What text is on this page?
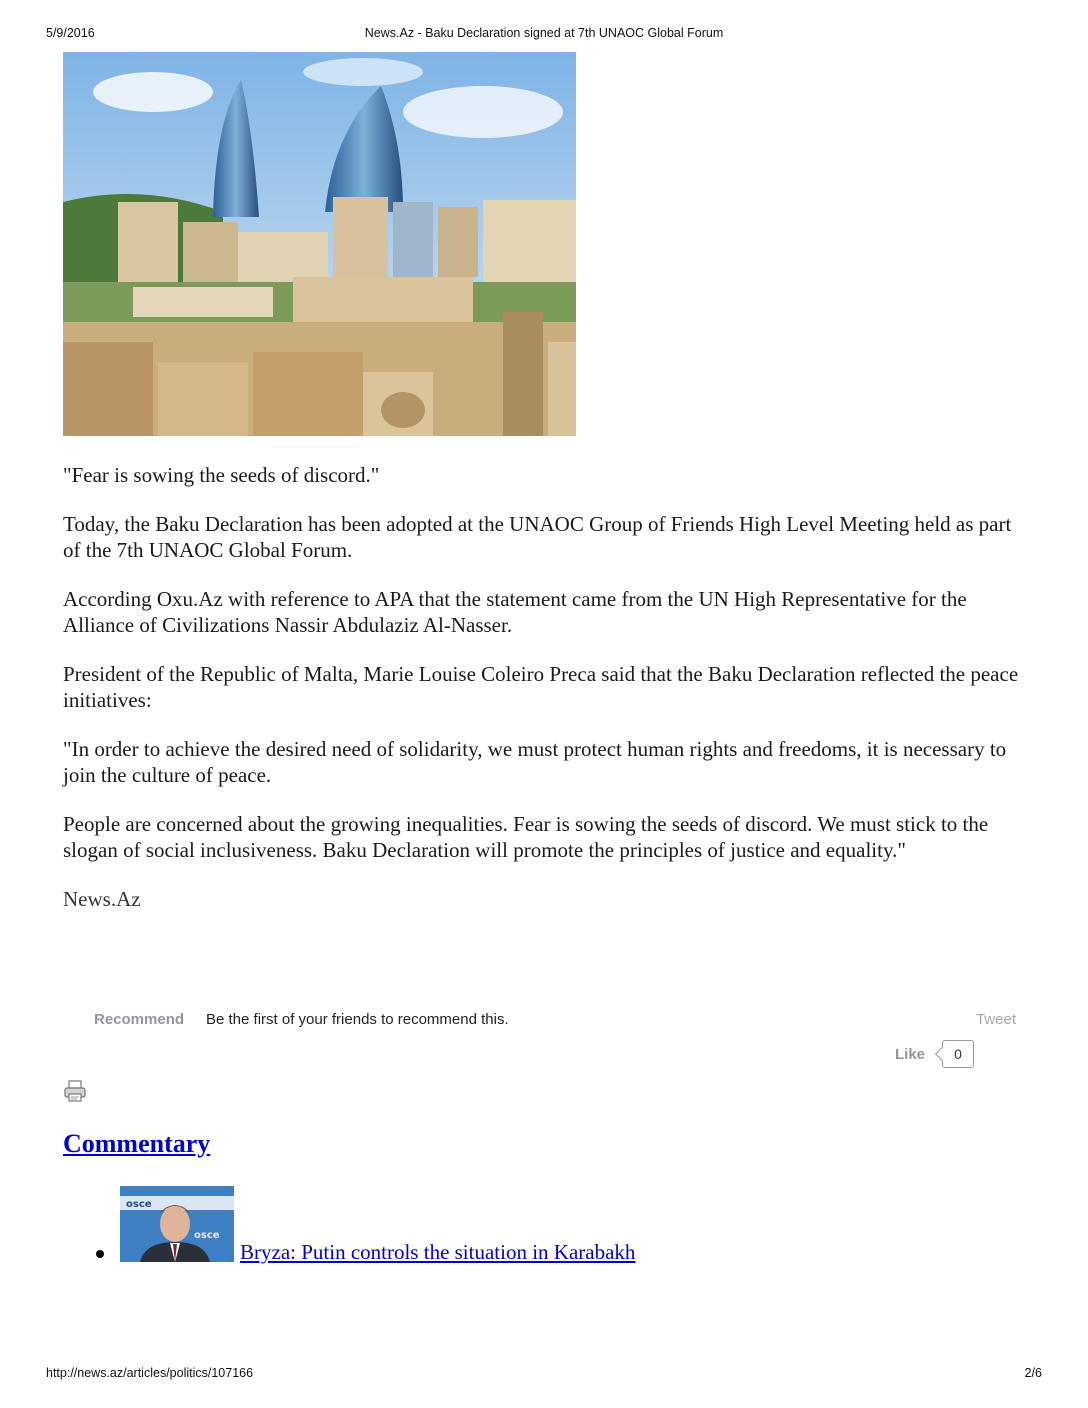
5/9/2016	News.Az - Baku Declaration signed at 7th UNAOC Global Forum

"Fear is sowing the seeds of discord."

Today, the Baku Declaration has been adopted at the UNAOC Group of Friends High Level Meeting held as part of the 7th UNAOC Global Forum.

According Oxu.Az with reference to APA that the statement came from the UN High Representative for the Alliance of Civilizations Nassir Abdulaziz Al-Nasser.

President of the Republic of Malta, Marie Louise Coleiro Preca said that the Baku Declaration reflected the peace initiatives:

"In order to achieve the desired need of solidarity, we must protect human rights and freedoms, it is necessary to join the culture of peace.

People are concerned about the growing inequalities. Fear is sowing the seeds of discord. We must stick to the slogan of social inclusiveness. Baku Declaration will promote the principles of justice and equality."

News.Az

Recommend Be the first of your friends to recommend this.	Tweet
Like	0
Commentary
osce
osce
Bryza: Putin controls the situation in Karabakh
http://news.az/articles/politics/107166	2/6
